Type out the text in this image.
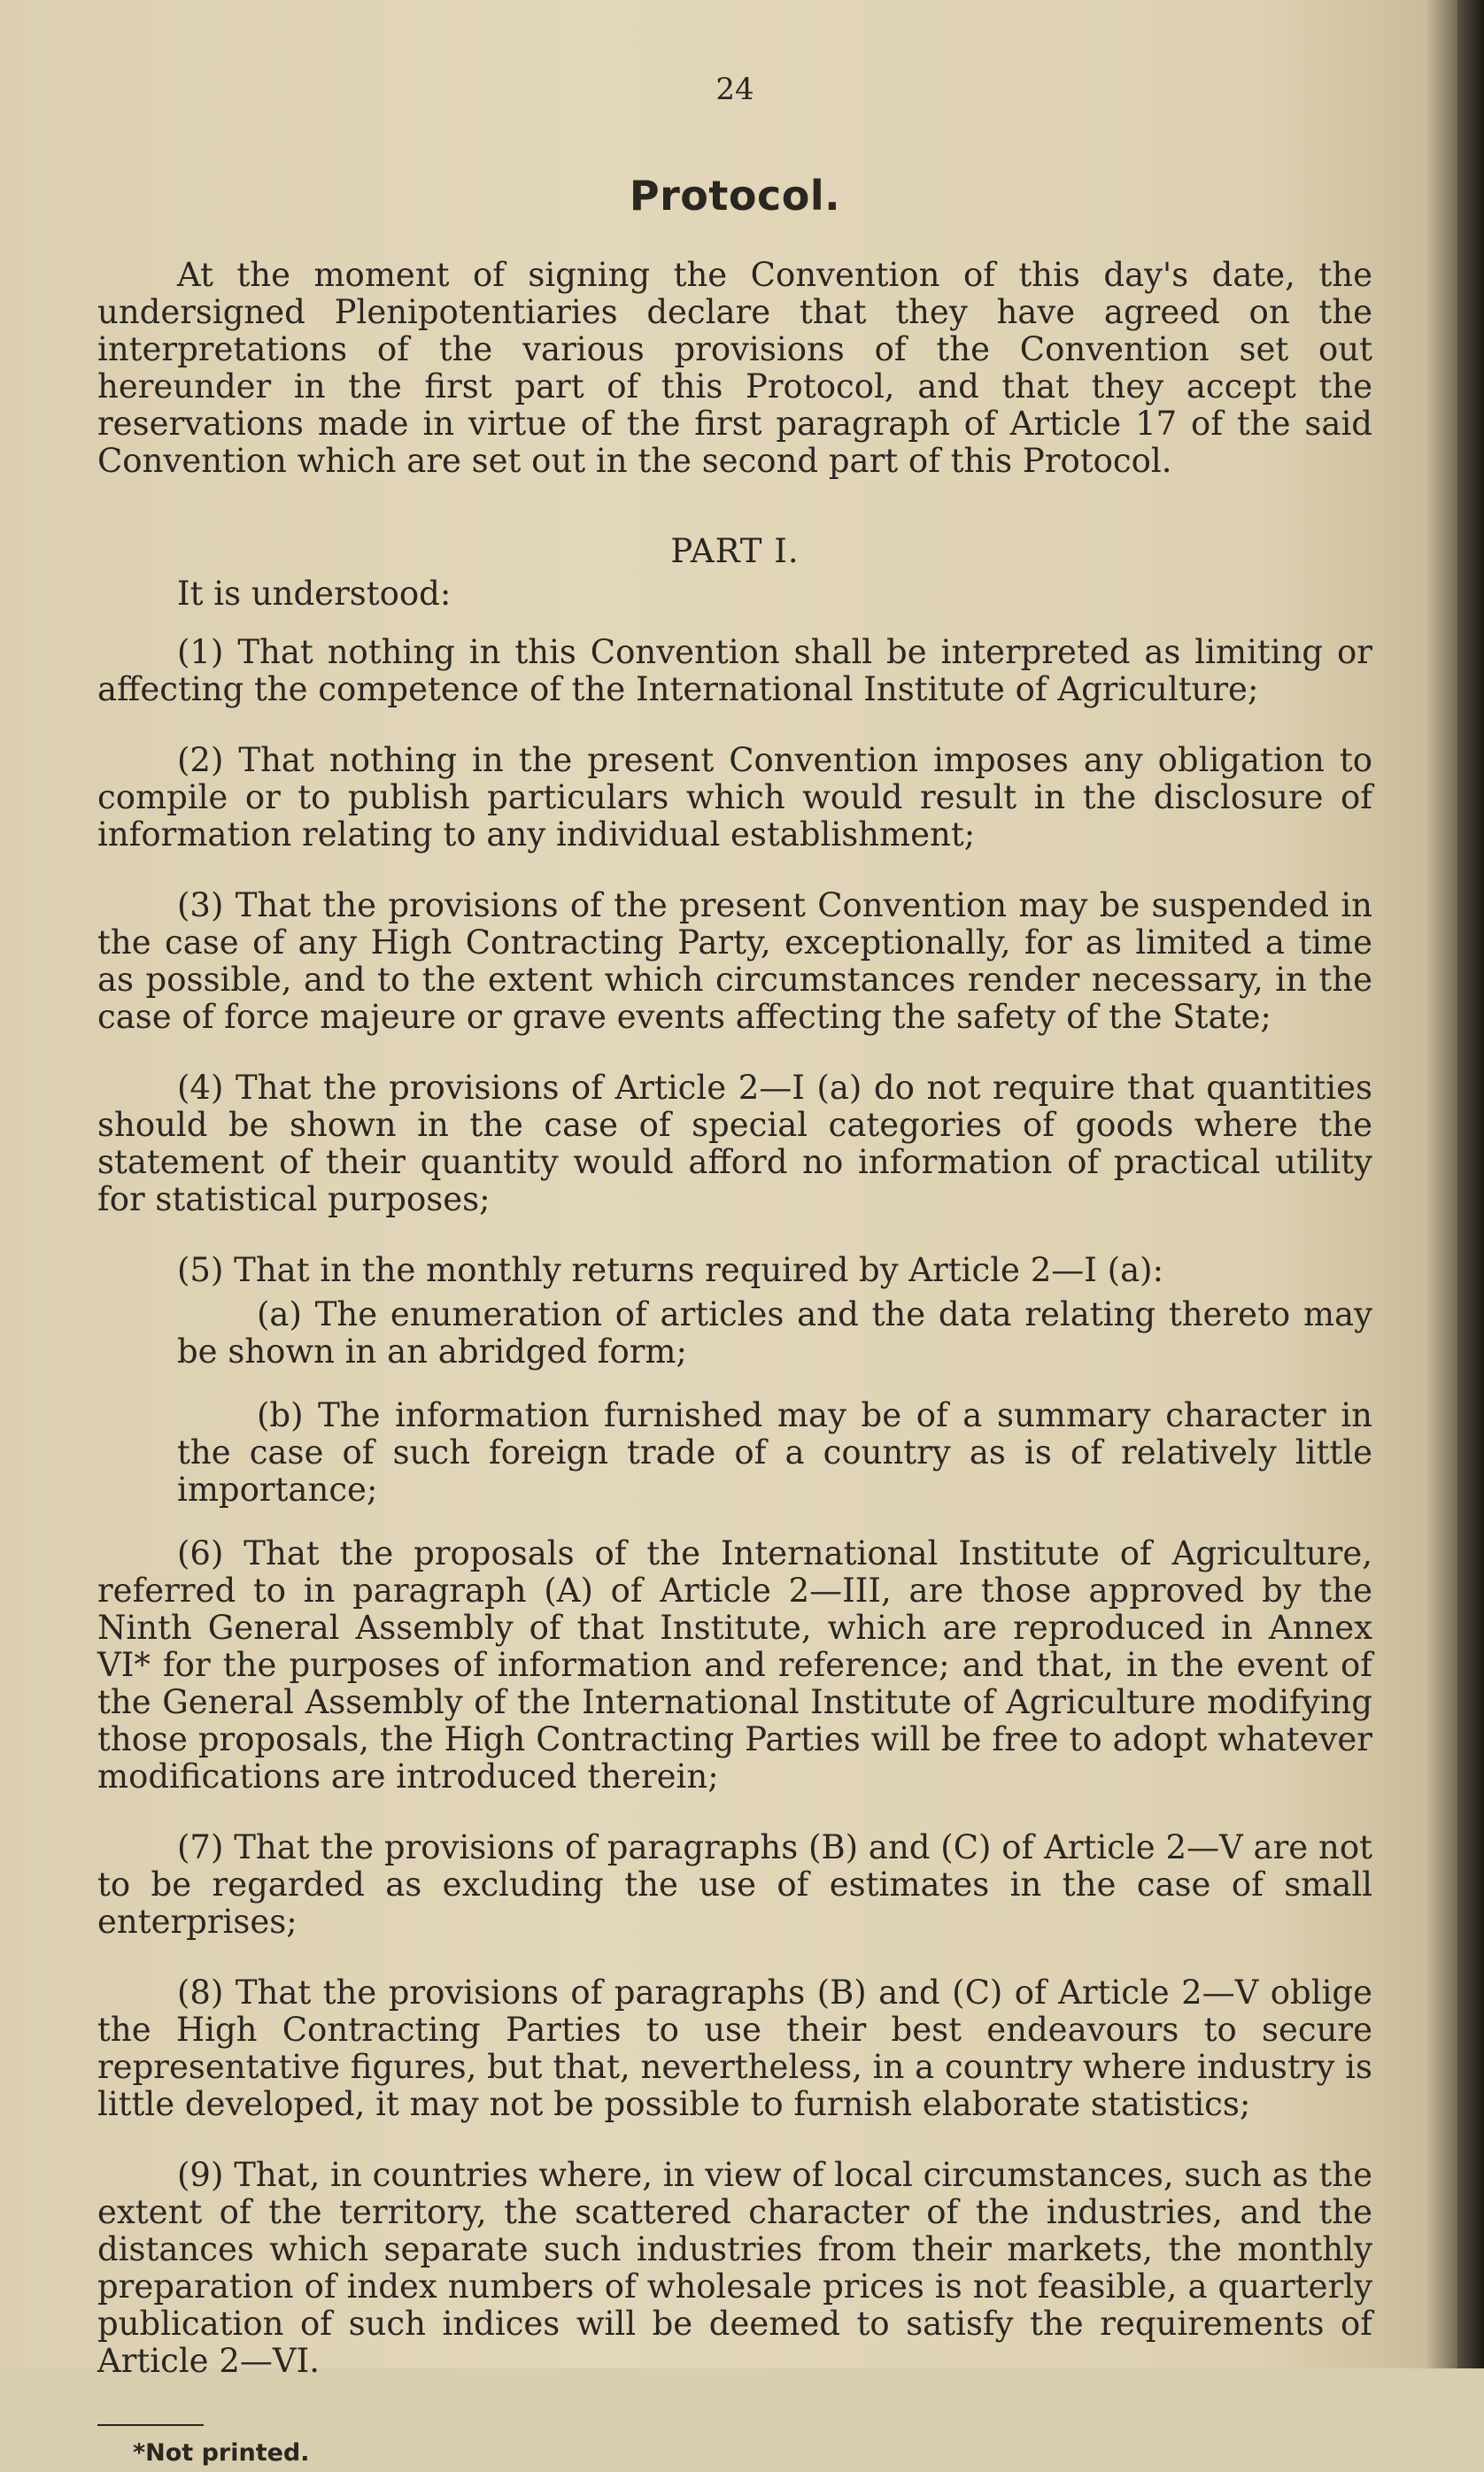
24
Protocol.

At the moment of signing the Convention of this day's date, the undersigned Plenipotentiaries declare that they have agreed on the interpretations of the various provisions of the Convention set out hereunder in the first part of this Protocol, and that they accept the reservations made in virtue of the first paragraph of Article 17 of the said Convention which are set out in the second part of this Protocol.

PART I.
It is understood:

(1) That nothing in this Convention shall be interpreted as limiting or affecting the competence of the International Institute of Agriculture;

(2) That nothing in the present Convention imposes any obligation to compile or to publish particulars which would result in the disclosure of information relating to any individual establishment;

(3) That the provisions of the present Convention may be suspended in the case of any High Contracting Party, exceptionally, for as limited a time as possible, and to the extent which circumstances render necessary, in the case of force majeure or grave events affecting the safety of the State;

(4) That the provisions of Article 2—I (a) do not require that quantities should be shown in the case of special categories of goods where the statement of their quantity would afford no information of practical utility for statistical purposes;

(5) That in the monthly returns required by Article 2—I (a):

(a) The enumeration of articles and the data relating thereto may be shown in an abridged form;

(b) The information furnished may be of a summary character in the case of such foreign trade of a country as is of relatively little importance;

(6) That the proposals of the International Institute of Agriculture, referred to in paragraph (A) of Article 2—III, are those approved by the Ninth General Assembly of that Institute, which are reproduced in Annex VI* for the purposes of information and reference; and that, in the event of the General Assembly of the International Institute of Agriculture modifying those proposals, the High Contracting Parties will be free to adopt whatever modifications are introduced therein;

(7) That the provisions of paragraphs (B) and (C) of Article 2—V are not to be regarded as excluding the use of estimates in the case of small enterprises;

(8) That the provisions of paragraphs (B) and (C) of Article 2—V oblige the High Contracting Parties to use their best endeavours to secure representative figures, but that, nevertheless, in a country where industry is little developed, it may not be possible to furnish elaborate statistics;

(9) That, in countries where, in view of local circumstances, such as the extent of the territory, the scattered character of the industries, and the distances which separate such industries from their markets, the monthly preparation of index numbers of wholesale prices is not feasible, a quarterly publication of such indices will be deemed to satisfy the requirements of Article 2—VI.

*Not printed.
